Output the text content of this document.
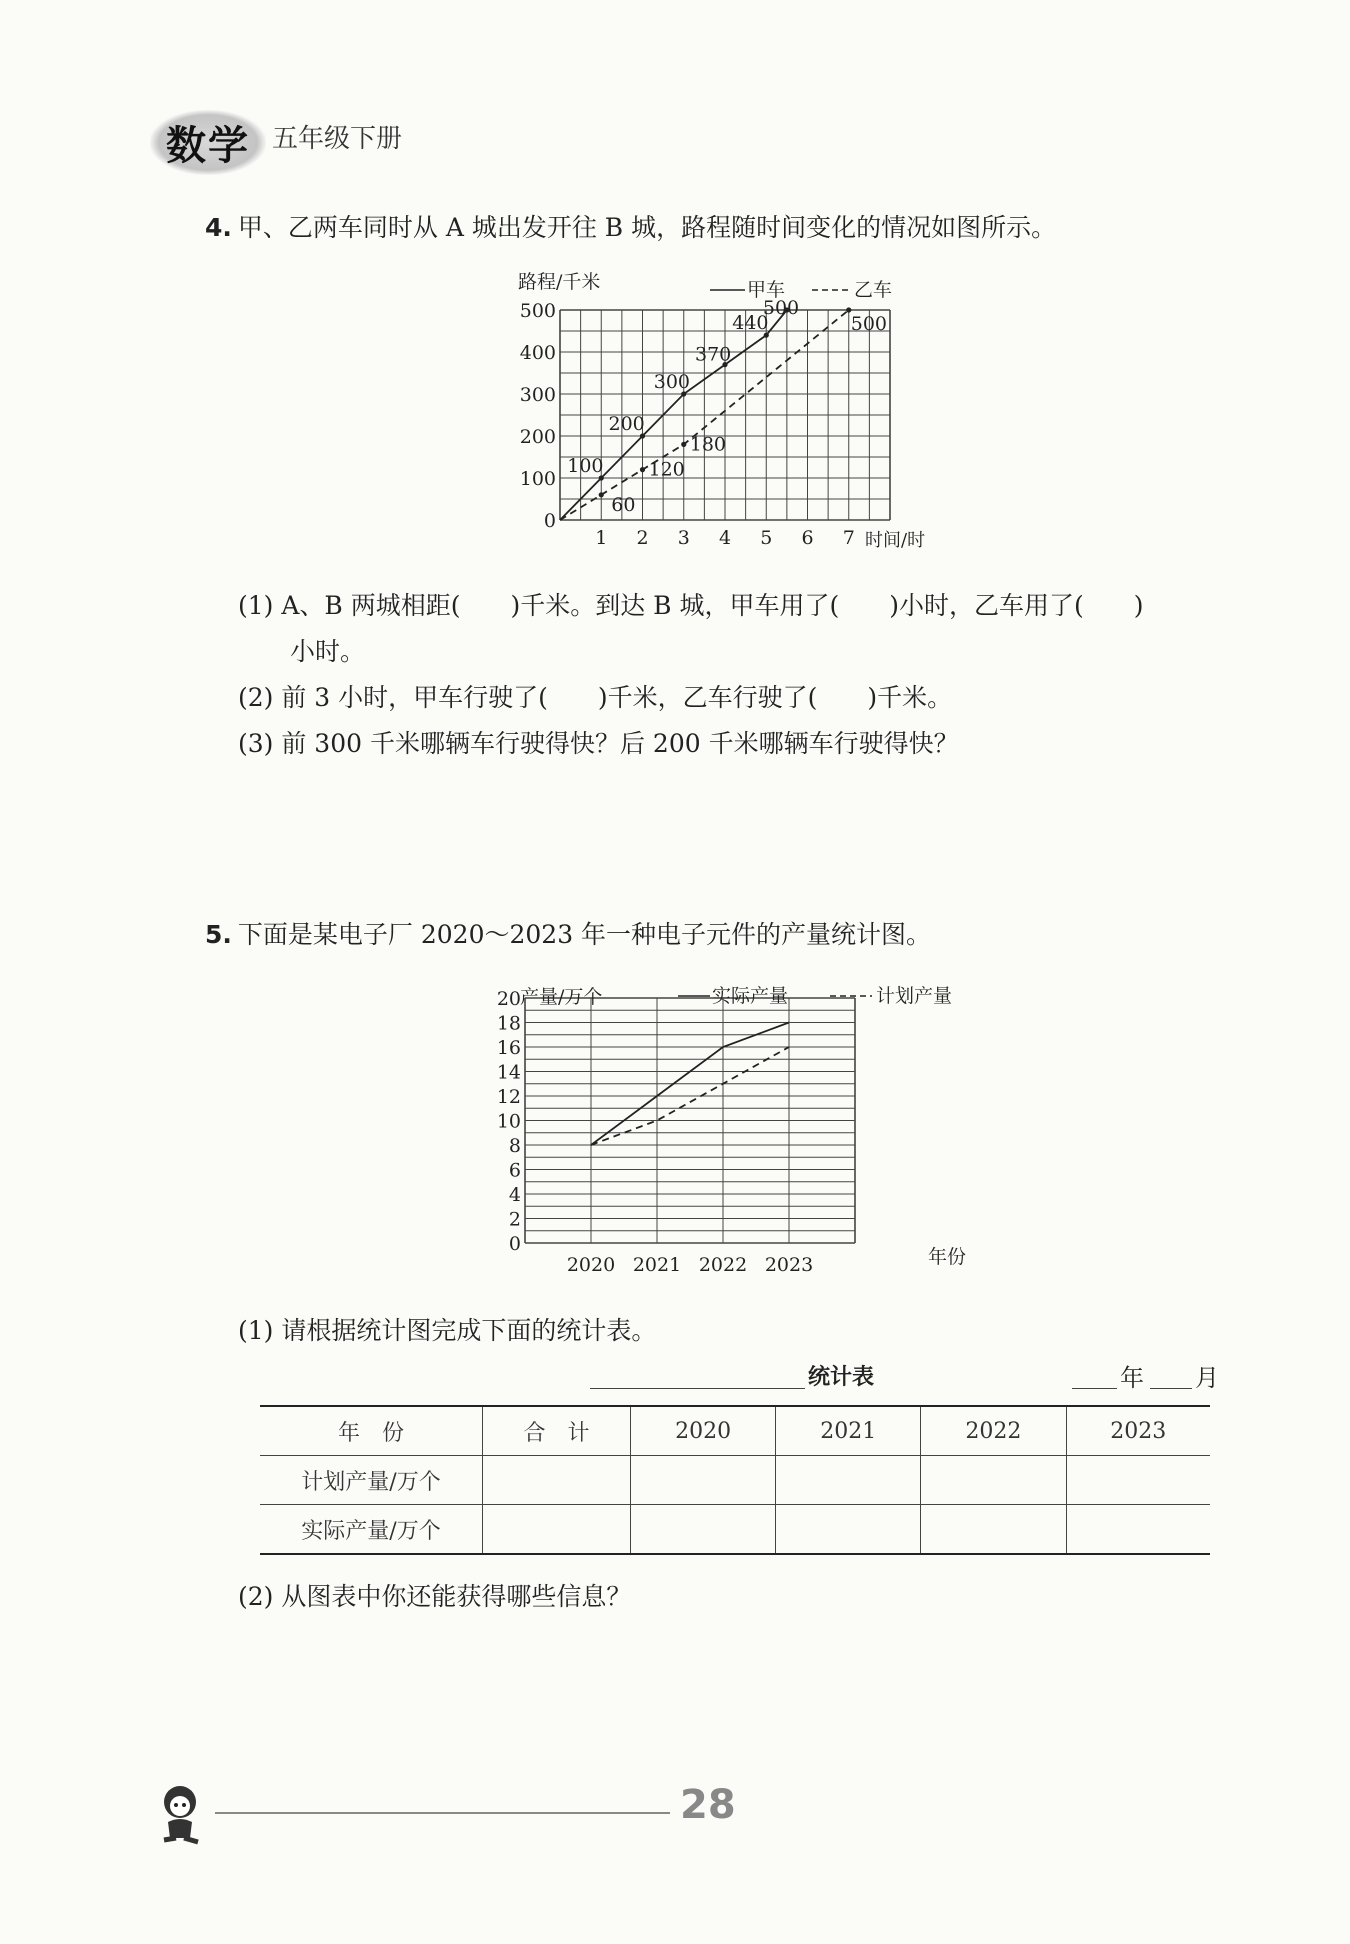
数学 五年级下册
4. 甲、乙两车同时从 A 城出发开往 B 城，路程随时间变化的情况如图所示。
0
100
200
300
400
500
1 2 3 4 5 6 7
路程/千米
时间/时
甲车	乙车
100
200
300
370
440
500
60
120
180
500
(1) A、B 两城相距(　　)千米。到达 B 城，甲车用了(　　)小时，乙车用了(　　)
小时。
(2) 前 3 小时，甲车行驶了(　　)千米，乙车行驶了(　　)千米。
(3) 前 300 千米哪辆车行驶得快？后 200 千米哪辆车行驶得快？
5. 下面是某电子厂 2020～2023 年一种电子元件的产量统计图。
0
2
4
6
8
10
12
14
16
18
20
2020 2021 2022 2023
产量/万个
年份
实际产量	计划产量
(1) 请根据统计图完成下面的统计表。
统计表	年 月
年　份	合　计	2020	2021	2022	2023
计划产量/万个					
实际产量/万个					
(2) 从图表中你还能获得哪些信息？
28
